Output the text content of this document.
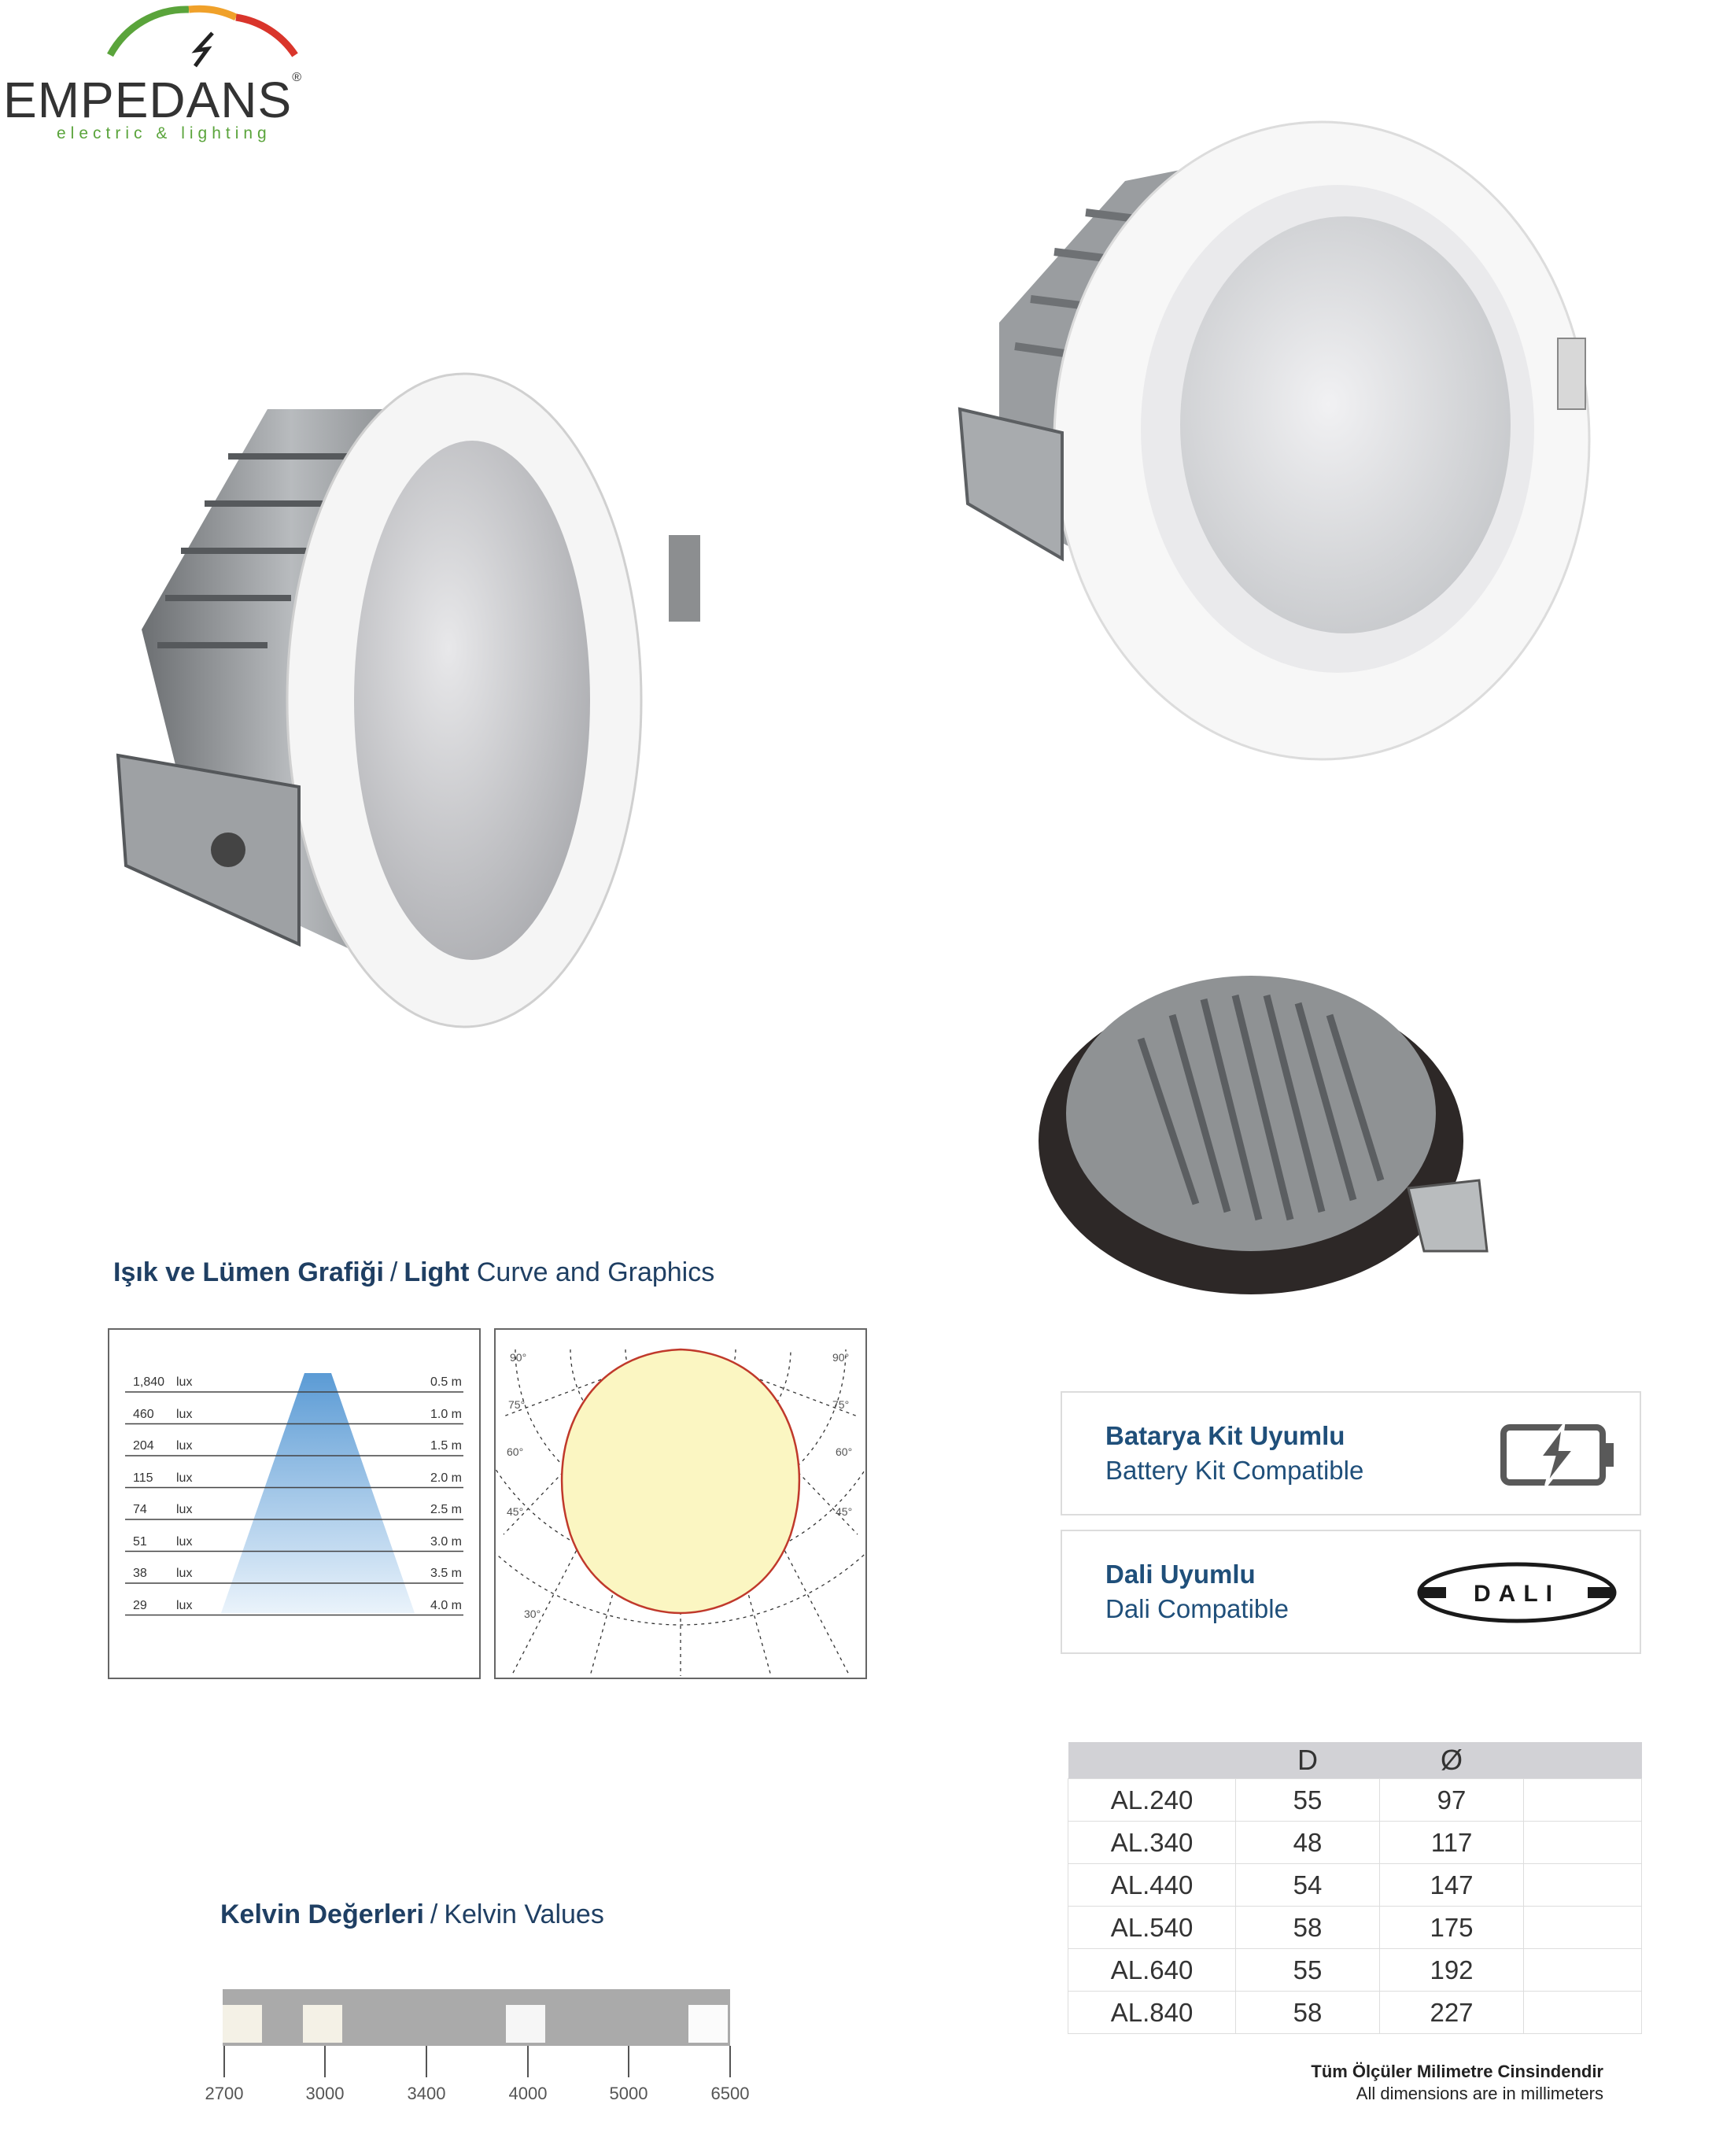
EMPEDANS®
electric & lighting
Işık ve Lümen Grafiği / Light Curve and Graphics
1,840 lux	0.5 m
460 lux	1.0 m
204 lux	1.5 m
115 lux	2.0 m
74 lux	2.5 m
51 lux	3.0 m
38 lux	3.5 m
29 lux	4.0 m
90°	90°
75°	75°
60°	60°
45°	45°
30°
Batarya Kit Uyumlu
Battery Kit Compatible
Dali Uyumlu
Dali Compatible
DALI
	D	Ø	
AL.240	55	97	
AL.340	48	117	
AL.440	54	147	
AL.540	58	175	
AL.640	55	192	
AL.840	58	227	
Kelvin Değerleri / Kelvin Values
2700	3000	3400	4000	5000	6500
Tüm Ölçüler Milimetre Cinsindendir
All dimensions are in millimeters
